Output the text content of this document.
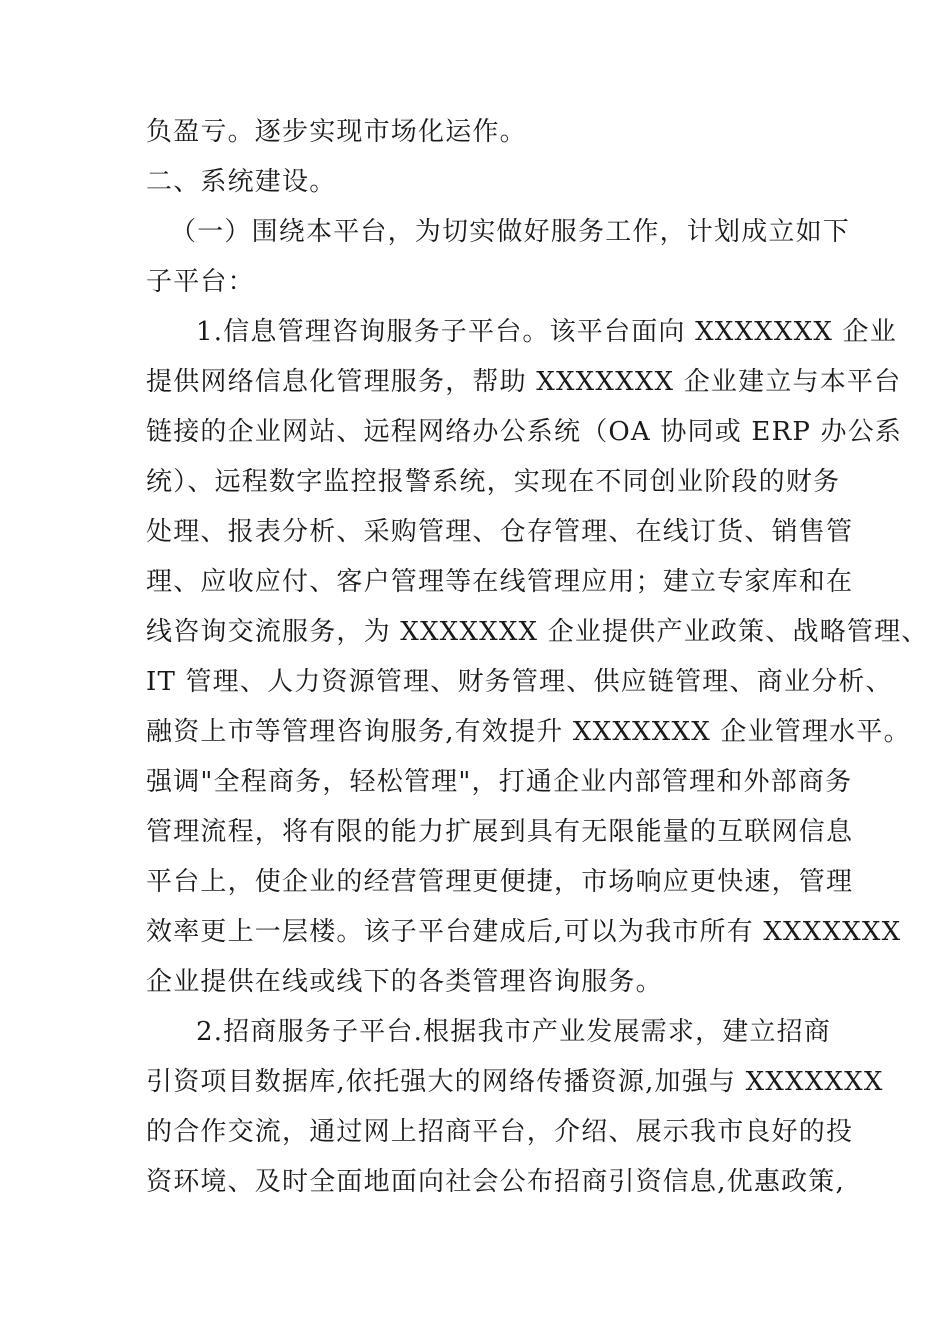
负盈亏。逐步实现市场化运作。
二、系统建设。
（一）围绕本平台，为切实做好服务工作，计划成立如下
子平台：
1.信息管理咨询服务子平台。该平台面向 XXXXXXX 企业
提供网络信息化管理服务，帮助 XXXXXXX 企业建立与本平台
链接的企业网站、远程网络办公系统（OA 协同或 ERP 办公系
统）、远程数字监控报警系统，实现在不同创业阶段的财务
处理、报表分析、采购管理、仓存管理、在线订货、销售管
理、应收应付、客户管理等在线管理应用；建立专家库和在
线咨询交流服务，为 XXXXXXX 企业提供产业政策、战略管理、
IT 管理、人力资源管理、财务管理、供应链管理、商业分析、
融资上市等管理咨询服务,有效提升 XXXXXXX 企业管理水平。
强调"全程商务，轻松管理"，打通企业内部管理和外部商务
管理流程，将有限的能力扩展到具有无限能量的互联网信息
平台上，使企业的经营管理更便捷，市场响应更快速，管理
效率更上一层楼。该子平台建成后,可以为我市所有 XXXXXXX
企业提供在线或线下的各类管理咨询服务。
2.招商服务子平台.根据我市产业发展需求，建立招商
引资项目数据库,依托强大的网络传播资源,加强与 XXXXXXX
的合作交流，通过网上招商平台，介绍、展示我市良好的投
资环境、及时全面地面向社会公布招商引资信息,优惠政策,
